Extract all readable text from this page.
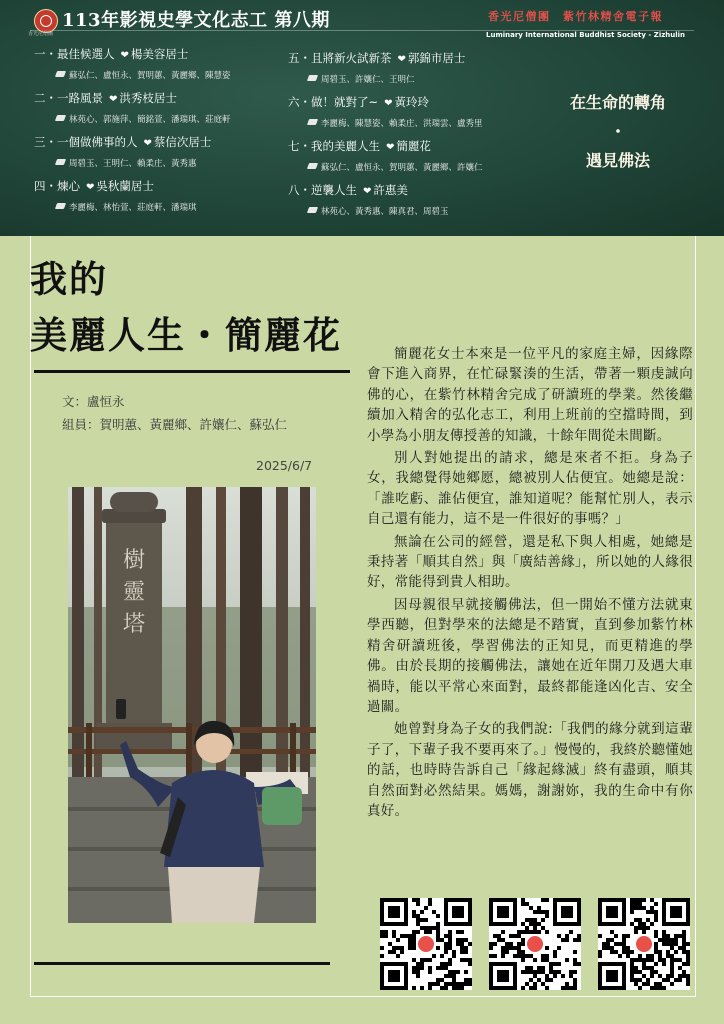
香光尼僧團
113年影視史學文化志工 第八期	香光尼僧團　紫竹林精舍電子報
Luminary International Buddhist Society - Zizhulin
一・最佳候選人 ❤ 楊美容居士
蘇弘仁、盧恒永、賀明蕙、黃麗鄉、陳慧姿
二・一路風景 ❤ 洪秀枝居士
林苑心、郭施萍、簡銘萱、潘瑞琪、莊庭軒
三・一個做佛事的人 ❤ 蔡信次居士
周碧玉、王明仁、賴柔庄、黃秀惠
四・煉心 ❤ 吳秋蘭居士
李麗梅、林怡萱、莊庭軒、潘瑞琪
五・且將新火試新茶 ❤ 郭錦市居士
周碧玉、許孃仁、王明仁
六・做！就對了~ ❤ 黃玲玲
李麗梅、陳慧姿、賴柔庄、洪瑞雲、盧秀里
七・我的美麗人生 ❤ 簡麗花
蘇弘仁、盧恒永、賀明蕙、黃麗鄉、許孃仁
八・逆襲人生 ❤ 許惠美
林苑心、黃秀惠、陳真君、周碧玉
在生命的轉角
・
遇見佛法
我的
美麗人生・簡麗花
文：盧恒永
組員：賀明蕙、黃麗鄉、許孃仁、蘇弘仁
2025/6/7
樹
靈
塔

簡麗花女士本來是一位平凡的家庭主婦，因緣際會下進入商界，在忙碌緊湊的生活，帶著一顆虔誠向佛的心，在紫竹林精舍完成了研讀班的學業。然後繼續加入精舍的弘化志工，利用上班前的空擋時間，到小學為小朋友傳授善的知識，十餘年間從未間斷。

別人對她提出的請求，總是來者不拒。身為子女，我總覺得她鄉愿，總被別人佔便宜。她總是說：「誰吃虧、誰佔便宜，誰知道呢？能幫忙別人，表示自己還有能力，這不是一件很好的事嗎？」

無論在公司的經營，還是私下與人相處，她總是秉持著「順其自然」與「廣結善緣」，所以她的人緣很好，常能得到貴人相助。

因母親很早就接觸佛法，但一開始不懂方法就東學西聽，但對學來的法總是不踏實，直到參加紫竹林精舍研讀班後，學習佛法的正知見，而更精進的學佛。由於長期的接觸佛法，讓她在近年開刀及遇大車禍時，能以平常心來面對，最終都能逢凶化吉、安全過關。

她曾對身為子女的我們說:「我們的緣分就到這輩子了，下輩子我不要再來了。」慢慢的，我終於聽懂她的話，也時時告訴自己「緣起緣滅」終有盡頭，順其自然面對必然結果。媽媽，謝謝妳，我的生命中有你真好。
